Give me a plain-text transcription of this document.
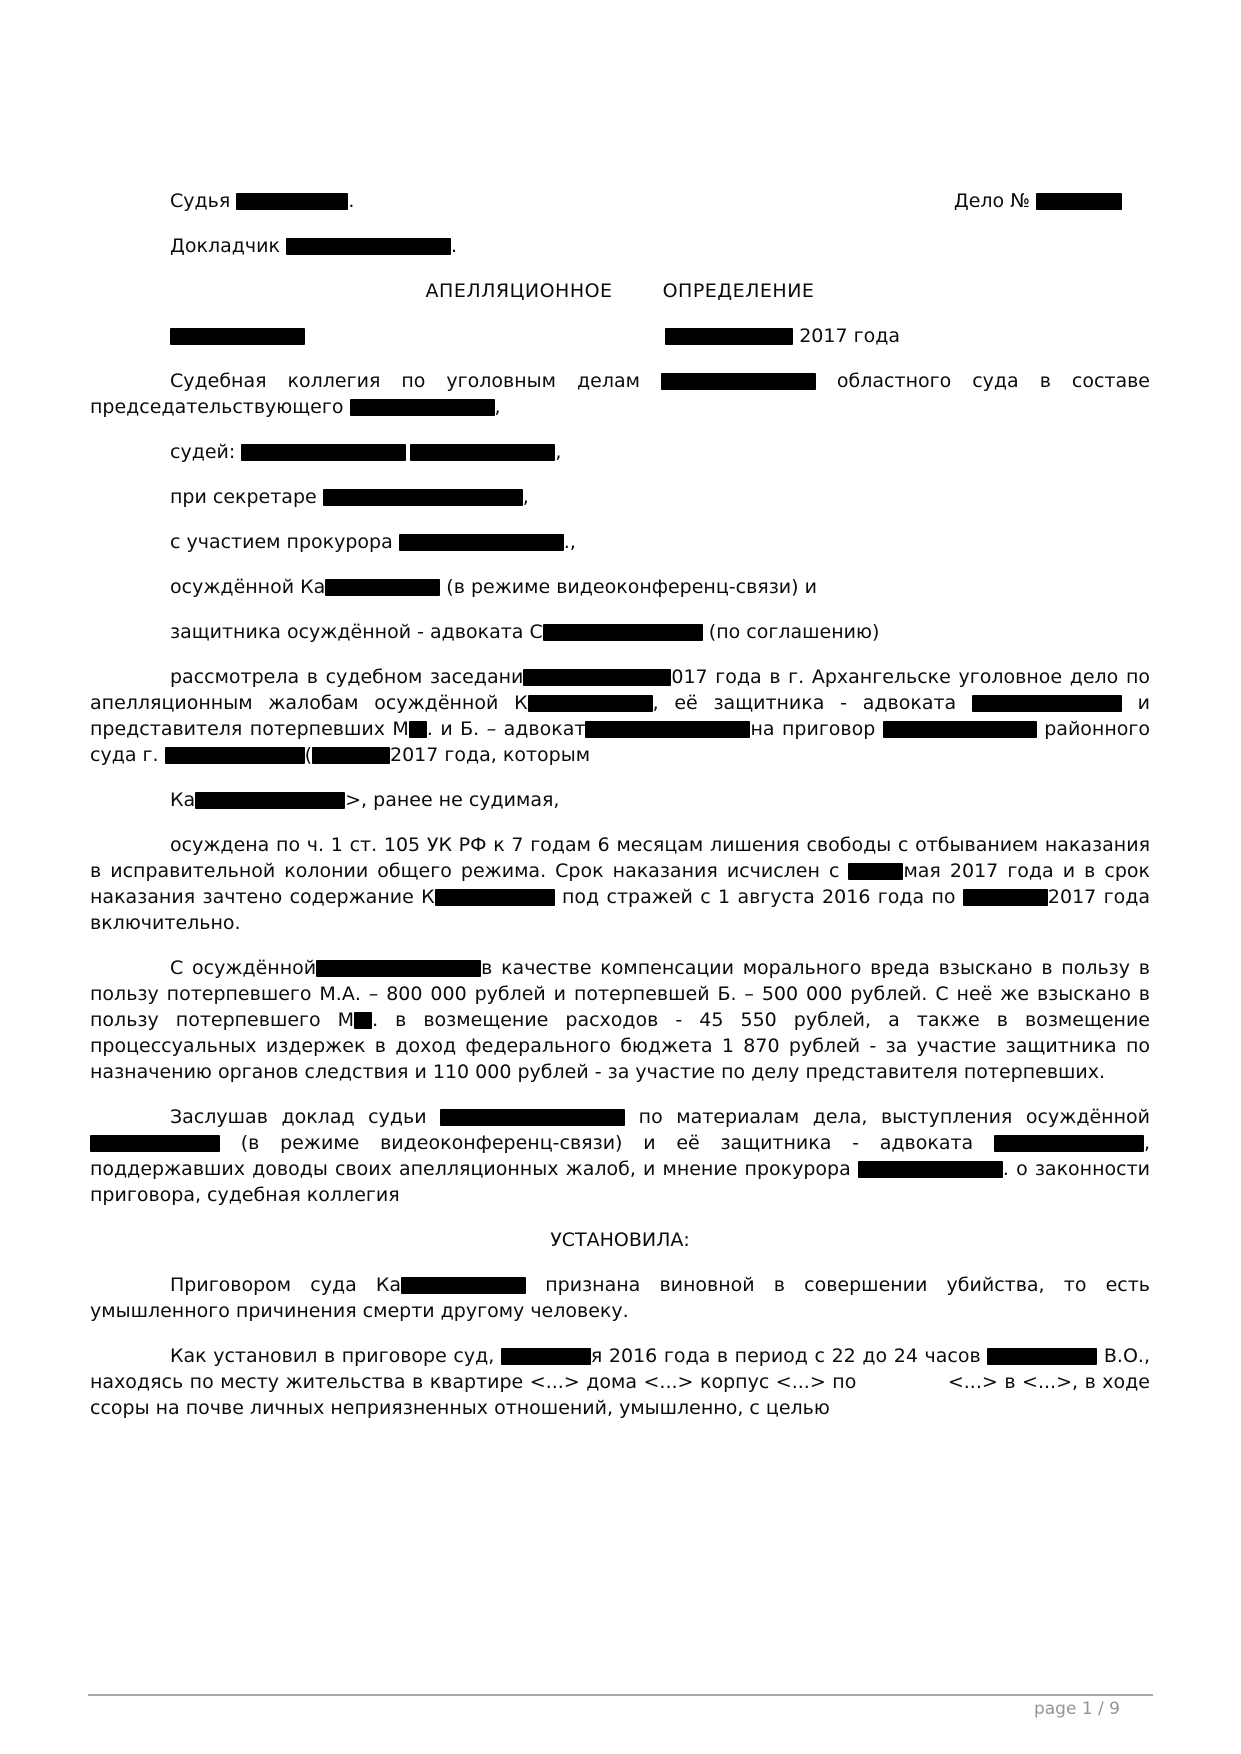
Судья	.	Дело №
Докладчик	.
АПЕЛЛЯЦИОННОЕ	ОПРЕДЕЛЕНИЕ
2017 года
Судебная коллегия по уголовным делам	областного суда в составе председательствующего	,
судей:	,
при секретаре	,
с участием прокурора	.,
осуждённой Ка	(в режиме видеоконференц-связи) и
защитника осуждённой - адвоката С	(по соглашению)
рассмотрела в судебном заседани	017 года в г. Архангельске уголовное дело по апелляционным жалобам осуждённой К	, её защитника - адвоката	и представителя потерпевших М . и Б. – адвокат	на приговор	районного суда г.	(	2017 года, которым
Ка	>, ранее не судимая,
осуждена по ч. 1 ст. 105 УК РФ к 7 годам 6 месяцам лишения свободы с отбыванием наказания в исправительной колонии общего режима. Срок наказания исчислен с	мая 2017 года и в срок наказания зачтено содержание К	под стражей с 1 августа 2016 года по	2017 года включительно.
С осуждённой	в качестве компенсации морального вреда взыскано в пользу в пользу потерпевшего М.А. – 800 000 рублей и потерпевшей Б. – 500 000 рублей. С неё же взыскано в пользу потерпевшего М . в возмещение расходов - 45 550 рублей, а также в возмещение процессуальных издержек в доход федерального бюджета 1 870 рублей - за участие защитника по назначению органов следствия и 110 000 рублей - за участие по делу представителя потерпевших.
Заслушав доклад судьи	по материалам дела, выступления осуждённой  (в режиме видеоконференц-связи) и её защитника - адвоката	, поддержавших доводы своих апелляционных жалоб, и мнение прокурора	. о законности приговора, судебная коллегия
УСТАНОВИЛА:
Приговором суда Ка	признана виновной в совершении убийства, то есть умышленного причинения смерти другому человеку.
Как установил в приговоре суд,	я 2016 года в период с 22 до 24 часов	В.О., находясь по месту жительства в квартире <...> дома <...> корпус <...> по	<...> в <...>, в ходе ссоры на почве личных неприязненных отношений, умышленно, с целью
page 1 / 9
